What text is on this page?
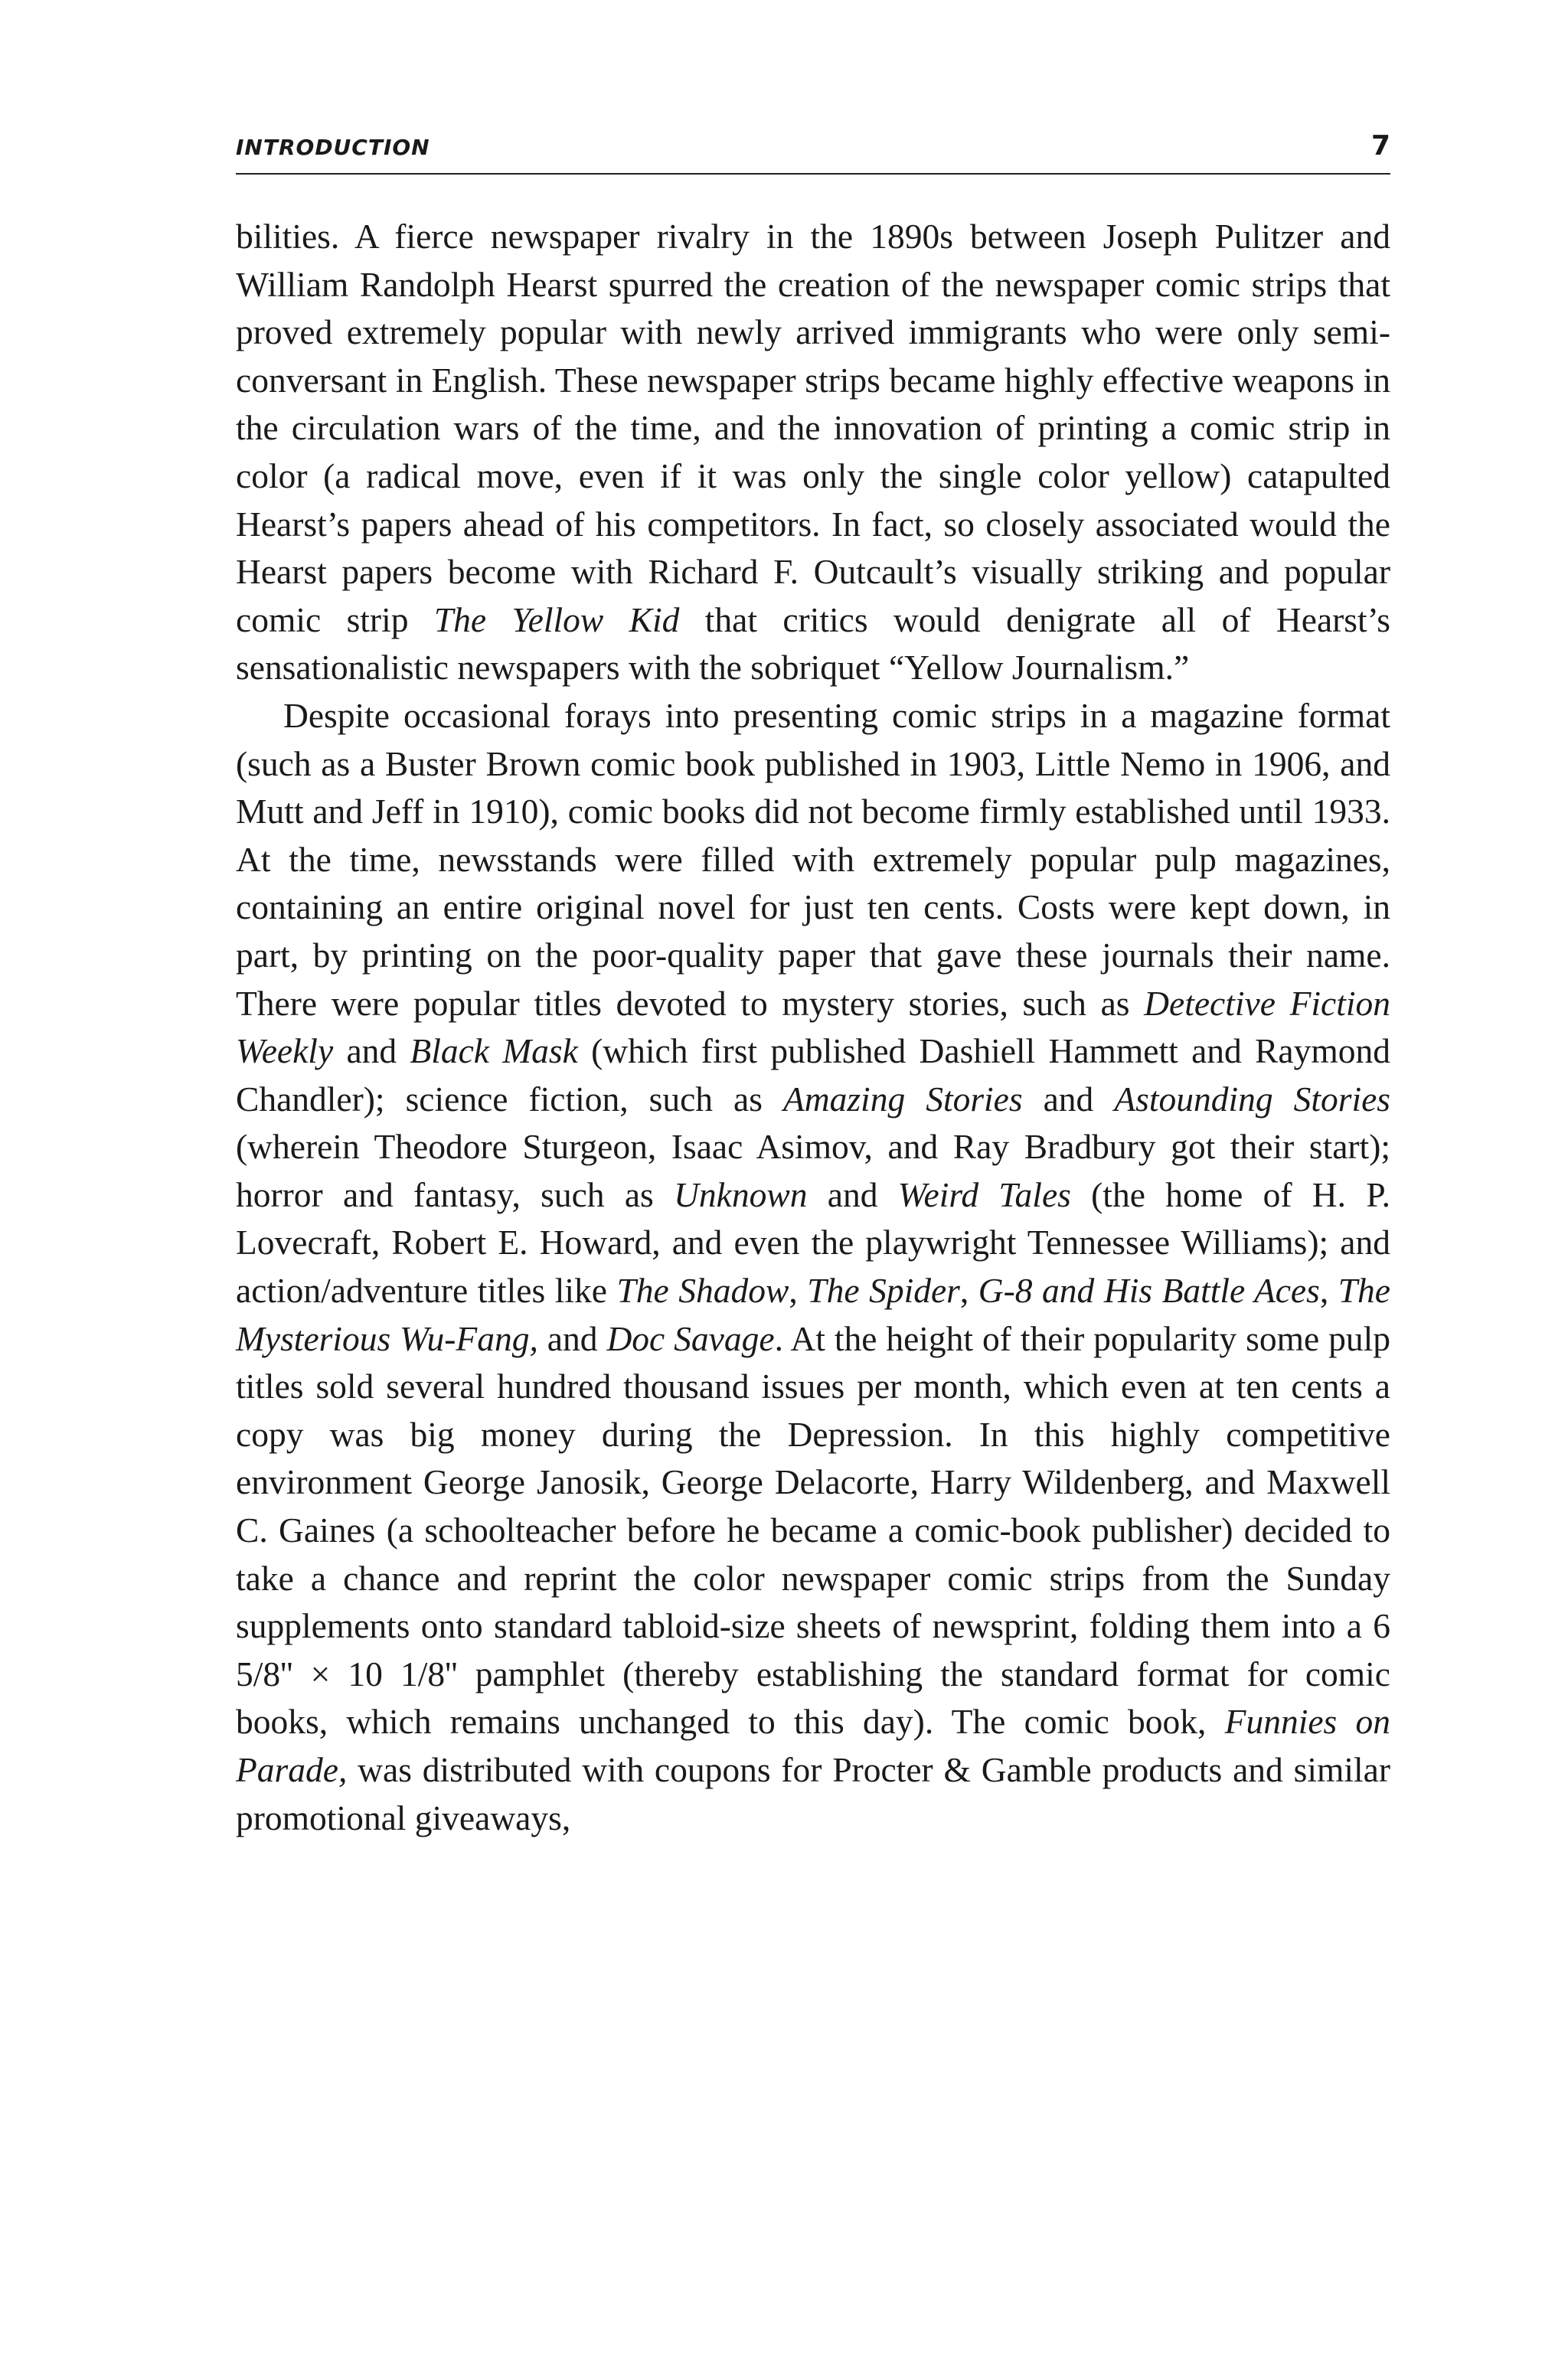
INTRODUCTION	7

bilities. A fierce newspaper rivalry in the 1890s between Joseph Pulitzer and William Randolph Hearst spurred the creation of the newspaper comic strips that proved extremely popular with newly arrived immigrants who were only semi-conversant in English. These newspaper strips became highly effective weapons in the circulation wars of the time, and the innovation of printing a comic strip in color (a radical move, even if it was only the single color yellow) catapulted Hearst’s papers ahead of his competitors. In fact, so closely associated would the Hearst papers become with Richard F. Outcault’s visually striking and popular comic strip The Yellow Kid that critics would denigrate all of Hearst’s sensationalistic newspapers with the sobriquet “Yellow Journalism.”

Despite occasional forays into presenting comic strips in a magazine format (such as a Buster Brown comic book published in 1903, Little Nemo in 1906, and Mutt and Jeff in 1910), comic books did not become firmly established until 1933. At the time, newsstands were filled with extremely popular pulp magazines, containing an entire original novel for just ten cents. Costs were kept down, in part, by printing on the poor-quality paper that gave these journals their name. There were popular titles devoted to mystery stories, such as Detective Fiction Weekly and Black Mask (which first published Dashiell Hammett and Raymond Chandler); science fiction, such as Amazing Stories and Astounding Stories (wherein Theodore Sturgeon, Isaac Asimov, and Ray Bradbury got their start); horror and fantasy, such as Unknown and Weird Tales (the home of H. P. Lovecraft, Robert E. Howard, and even the playwright Tennessee Williams); and action/adventure titles like The Shadow, The Spider, G-8 and His Battle Aces, The Mysterious Wu-Fang, and Doc Savage. At the height of their popularity some pulp titles sold several hundred thousand issues per month, which even at ten cents a copy was big money during the Depression. In this highly competitive environment George Janosik, George Delacorte, Harry Wildenberg, and Maxwell C. Gaines (a schoolteacher before he became a comic-book publisher) decided to take a chance and reprint the color newspaper comic strips from the Sunday supplements onto standard tabloid-size sheets of newsprint, folding them into a 6 5/8'' × 10 1/8'' pamphlet (thereby establishing the standard format for comic books, which remains unchanged to this day). The comic book, Funnies on Parade, was distributed with coupons for Procter & Gamble products and similar promotional giveaways,
